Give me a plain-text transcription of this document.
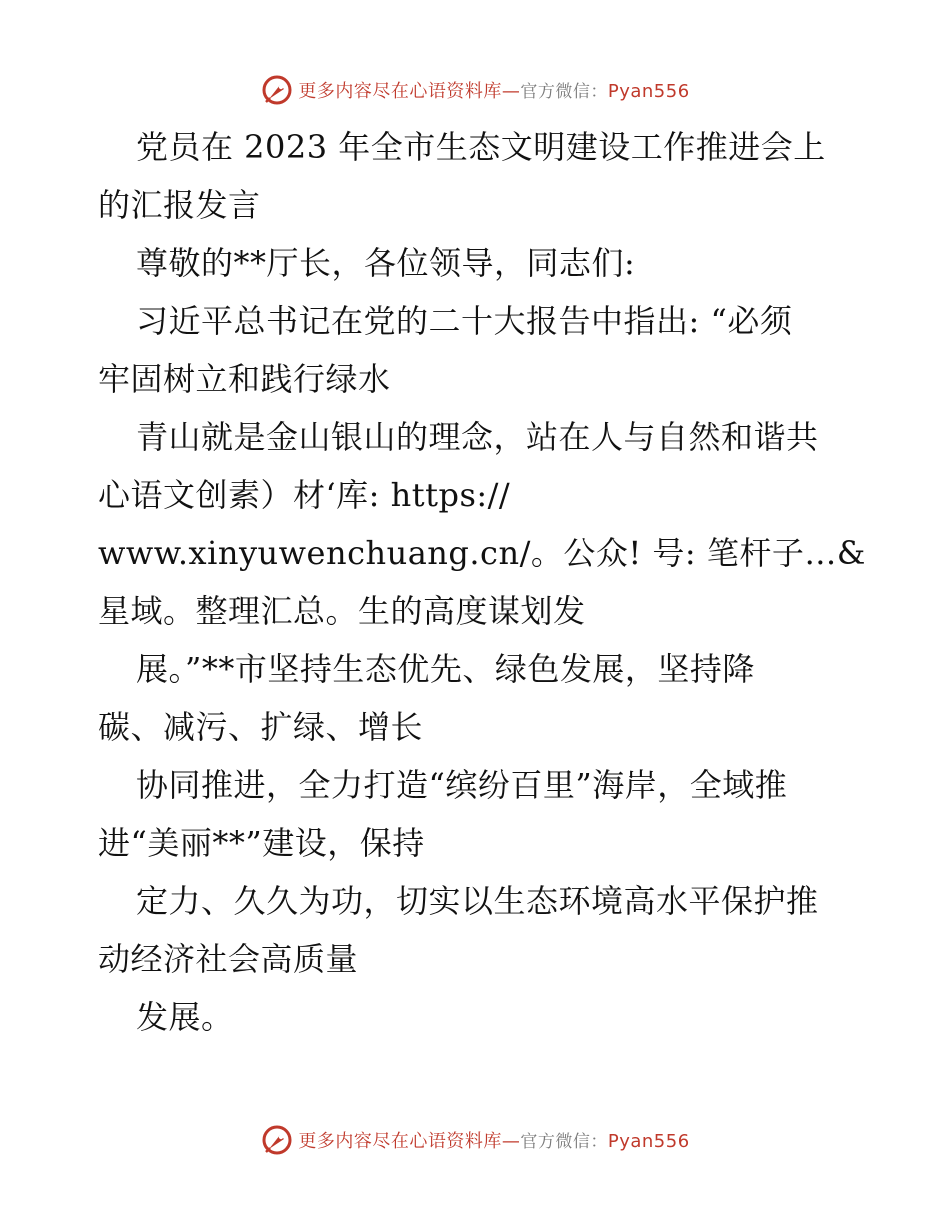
更多内容尽在心语资料库—官方微信：Pyan556
党员在 2023 年全市生态文明建设工作推进会上
的汇报发言
尊敬的**厅长，各位领导，同志们:
习近平总书记在党的二十大报告中指出: “必须
牢固树立和践行绿水
青山就是金山银山的理念，站在人与自然和谐共
心语文创素）材‘库: https://
www.xinyuwenchuang.cn/。公众! 号: 笔杆子…&
星域。整理汇总。生的高度谋划发
展。”**市坚持生态优先、绿色发展，坚持降
碳、减污、扩绿、增长
协同推进，全力打造“缤纷百里”海岸，全域推
进“美丽**”建设，保持
定力、久久为功，切实以生态环境高水平保护推
动经济社会高质量
发展。
更多内容尽在心语资料库—官方微信：Pyan556
